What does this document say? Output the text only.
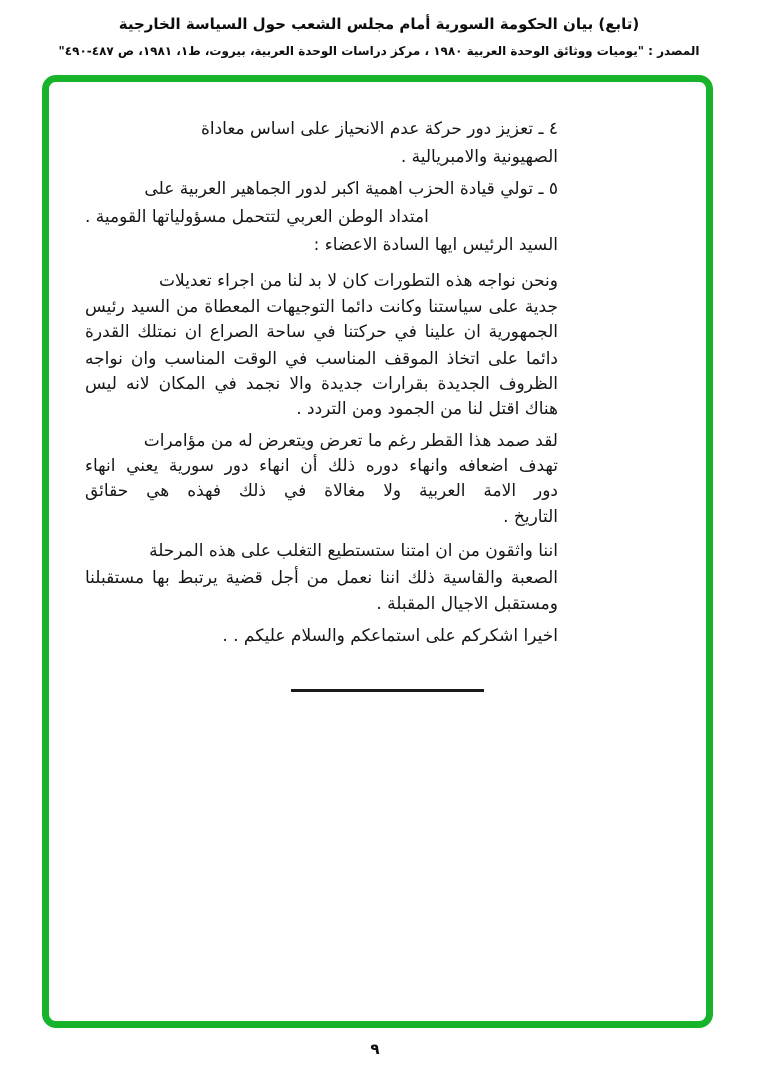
(تابع) بيان الحكومة السورية أمام مجلس الشعب حول السياسة الخارجية
المصدر : "يوميات ووثائق الوحدة العربية ١٩٨٠ ، مركز دراسات الوحدة العربية، بيروت، ط١، ١٩٨١، ص ٤٨٧-٤٩٠"
٤ ـ تعزيز دور حركة عدم الانحياز على اساس معاداة
الصهيونية والامبريالية .
٥ ـ تولي قيادة الحزب اهمية اكبر لدور الجماهير العربية على
امتداد الوطن العربي لتتحمل مسؤولياتها القومية .
السيد الرئيس ايها السادة الاعضاء :
ونحن نواجه هذه التطورات كان لا بد لنا من اجراء تعديلات
جدية على سياستنا وكانت دائما التوجيهات المعطاة من السيد رئيس
الجمهورية ان علينا في حركتنا في ساحة الصراع ان نمتلك القدرة
دائما على اتخاذ الموقف المناسب في الوقت المناسب وان نواجه
الظروف الجديدة بقرارات جديدة والا نجمد في المكان لانه ليس
هناك اقتل لنا من الجمود ومن التردد .
لقد صمد هذا القطر رغم ما تعرض ويتعرض له من مؤامرات
تهدف اضعافه وانهاء دوره ذلك أن انهاء دور سورية يعني انهاء
دور الامة العربية ولا مغالاة في ذلك فهذه هي حقائق
التاريخ .
اننا واثقون من ان امتنا ستستطيع التغلب على هذه المرحلة
الصعبة والقاسية ذلك اننا نعمل من أجل قضية يرتبط بها مستقبلنا
ومستقبل الاجيال المقبلة .
اخيرا اشكركم على استماعكم والسلام عليكم . .
٩
